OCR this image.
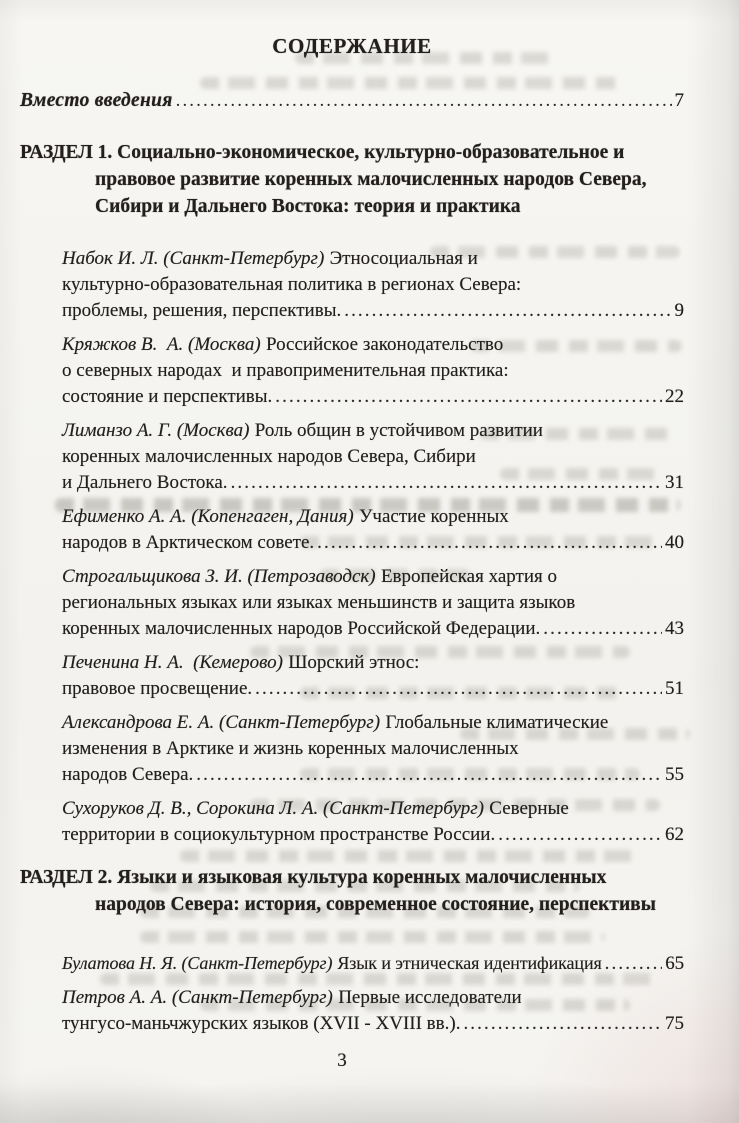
СОДЕРЖАНИЕ
Вместо введения .....	7
РАЗДЕЛ 1. Социально-экономическое, культурно-образовательное и
правовое развитие коренных малочисленных народов Севера,
Сибири и Дальнего Востока: теория и практика
Набок И. Л. (Санкт-Петербург) Этносоциальная и
культурно-образовательная политика в регионах Севера:
проблемы, решения, перспективы. .....	9
Кряжков В.  А. (Москва) Российское законодательство
о северных народах  и правоприменительная практика:
состояние и перспективы. .....	22
Лиманзо А. Г. (Москва) Роль общин в устойчивом развитии
коренных малочисленных народов Севера, Сибири
и Дальнего Востока. .....	31
Ефименко А. А. (Копенгаген, Дания) Участие коренных
народов в Арктическом совете. .....	40
Строгальщикова З. И. (Петрозаводск) Европейская хартия о
региональных языках или языках меньшинств и защита языков
коренных малочисленных народов Российской Федерации. .....	43
Печенина Н. А.  (Кемерово) Шорский этнос:
правовое просвещение. .....	51
Александрова Е. А. (Санкт-Петербург) Глобальные климатические
изменения в Арктике и жизнь коренных малочисленных
народов Севера. .....	55
Сухоруков Д. В., Сорокина Л. А. (Санкт-Петербург) Северные
территории в социокультурном пространстве России. .....	62
РАЗДЕЛ 2. Языки и языковая культура коренных малочисленных
народов Севера: история, современное состояние, перспективы
Булатова Н. Я. (Санкт-Петербург) Язык и этническая идентификация .....	65
Петров А. А. (Санкт-Петербург) Первые исследователи
тунгусо-маньчжурских языков (XVII - XVIII вв.). .....	75
3
